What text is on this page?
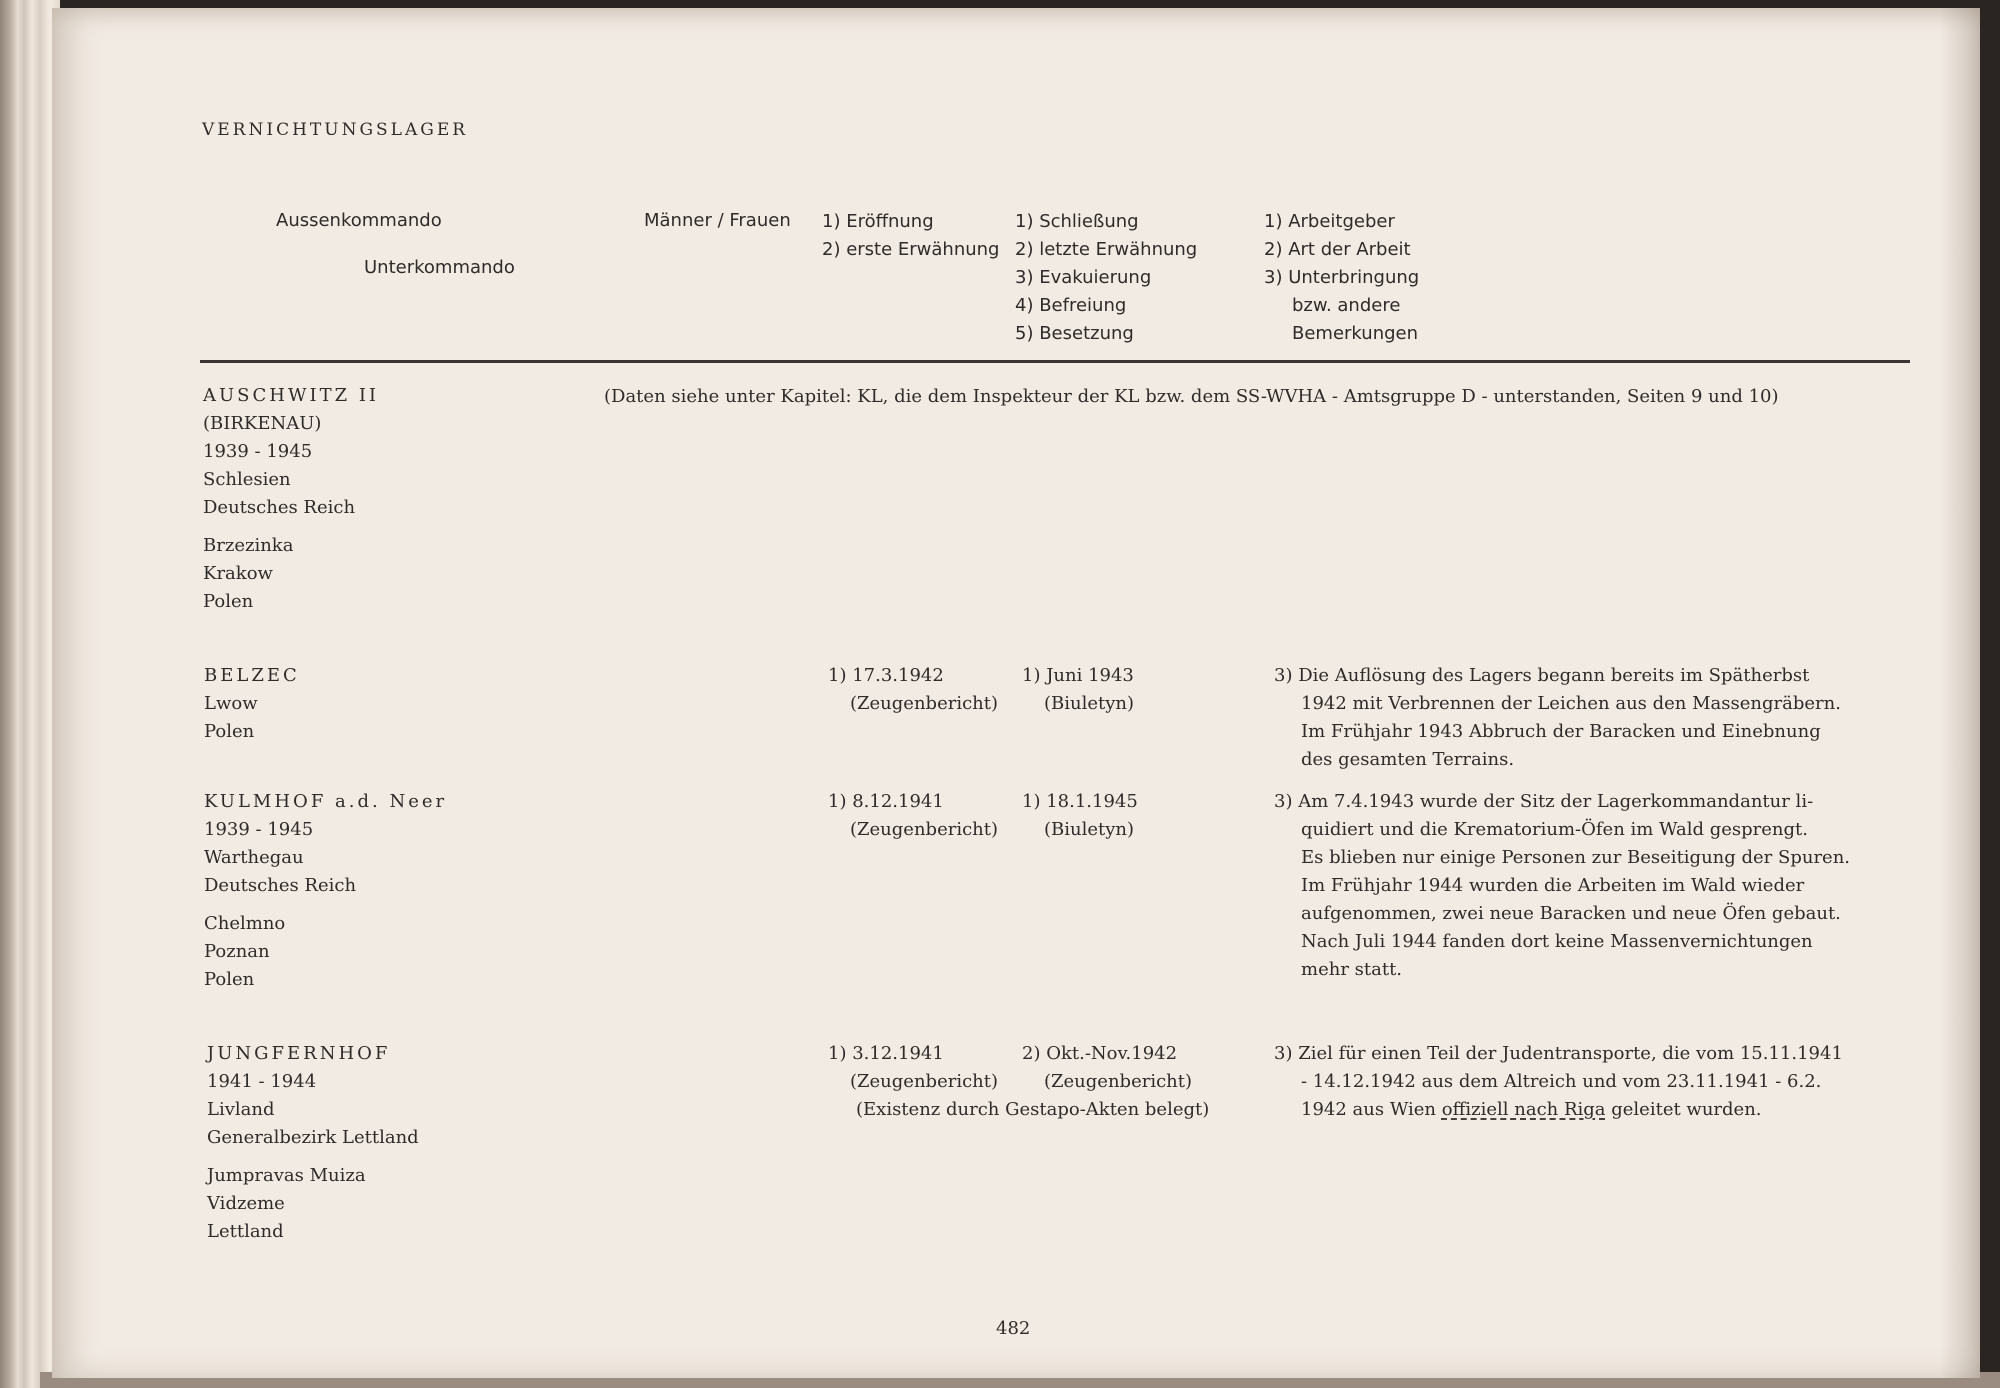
VERNICHTUNGSLAGER
Aussenkommando
Unterkommando
Männer / Frauen 1) Eröffnung
2) erste Erwähnung
1) Schließung
2) letzte Erwähnung
3) Evakuierung
4) Befreiung
5) Besetzung
1) Arbeitgeber
2) Art der Arbeit
3) Unterbringung
bzw. andere
Bemerkungen
AUSCHWITZ II
(BIRKENAU)
1939 - 1945
Schlesien
Deutsches Reich
Brzezinka
Krakow
Polen
(Daten siehe unter Kapitel: KL, die dem Inspekteur der KL bzw. dem SS-WVHA - Amtsgruppe D - unterstanden, Seiten 9 und 10)
BELZEC
Lwow
Polen
1) 17.3.1942
(Zeugenbericht)
1) Juni 1943
(Biuletyn)
3) Die Auflösung des Lagers begann bereits im Spätherbst
1942 mit Verbrennen der Leichen aus den Massengräbern.
Im Frühjahr 1943 Abbruch der Baracken und Einebnung
des gesamten Terrains.
KULMHOF a.d. Neer
1939 - 1945
Warthegau
Deutsches Reich
Chelmno
Poznan
Polen
1) 8.12.1941
(Zeugenbericht)
1) 18.1.1945
(Biuletyn)
3) Am 7.4.1943 wurde der Sitz der Lagerkommandantur li-
quidiert und die Krematorium-Öfen im Wald gesprengt.
Es blieben nur einige Personen zur Beseitigung der Spuren.
Im Frühjahr 1944 wurden die Arbeiten im Wald wieder
aufgenommen, zwei neue Baracken und neue Öfen gebaut.
Nach Juli 1944 fanden dort keine Massenvernichtungen
mehr statt.
JUNGFERNHOF
1941 - 1944
Livland
Generalbezirk Lettland
Jumpravas Muiza
Vidzeme
Lettland
1) 3.12.1941
(Zeugenbericht)
(Existenz durch Gestapo-Akten belegt)
2) Okt.-Nov.1942
(Zeugenbericht)
3) Ziel für einen Teil der Judentransporte, die vom 15.11.1941
- 14.12.1942 aus dem Altreich und vom 23.11.1941 - 6.2.
1942 aus Wien offiziell nach Riga geleitet wurden.
482
